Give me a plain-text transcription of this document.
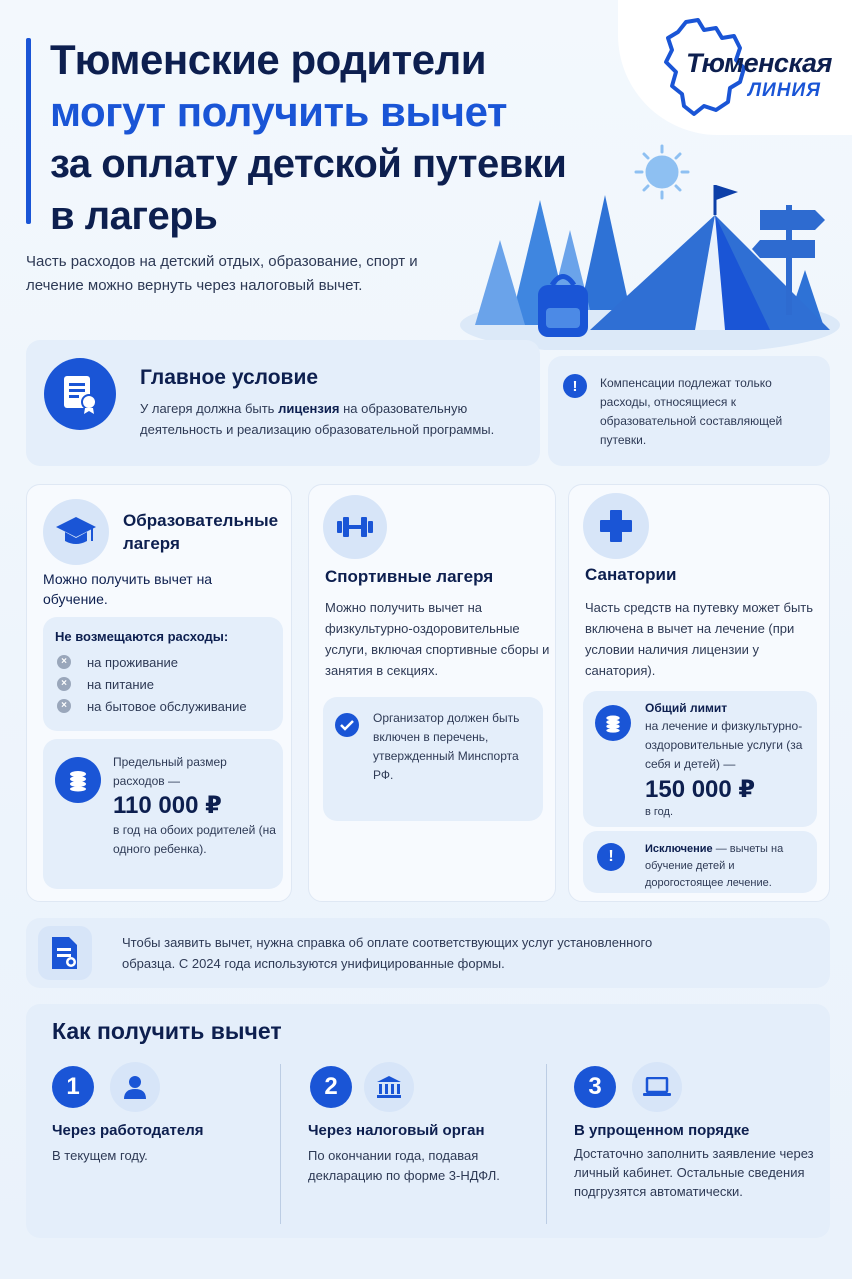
Тюменские родители
могут получить вычет
за оплату детской путевки
в лагерь

Часть расходов на детский отдых, образование, спорт и лечение можно вернуть через налоговый вычет.

Тюменская
ЛИНИЯ
Главное условие

У лагеря должна быть лицензия на образовательную деятельность и реализацию образовательной программы.

!	Компенсации подлежат только расходы, относящиеся к образовательной составляющей путевки.

Образовательные лагеря

Можно получить вычет на обучение.

Не возмещаются расходы:
×	на проживание
×	на питание
×	на бытовое обслуживание

Предельный размер расходов —

110 000 ₽

в год на обоих родителей (на одного ребенка).

Спортивные лагеря

Можно получить вычет на физкультурно-оздоровительные услуги, включая спортивные сборы и занятия в секциях.

Организатор должен быть включен в перечень, утвержденный Минспорта РФ.

Санатории

Часть средств на путевку может быть включена в вычет на лечение (при условии наличия лицензии у санатория).

Общий лимит

на лечение и физкультурно-оздоровительные услуги (за себя и детей) —

150 000 ₽

в год.

!	Исключение — вычеты на обучение детей и дорогостоящее лечение.

Чтобы заявить вычет, нужна справка об оплате соответствующих услуг установленного образца. С 2024 года используются унифицированные формы.

Как получить вычет
1
Через работодателя

В текущем году.

2
Через налоговый орган

По окончании года, подавая декларацию по форме 3-НДФЛ.

3
В упрощенном порядке

Достаточно заполнить заявление через личный кабинет. Остальные сведения подгрузятся автоматически.
